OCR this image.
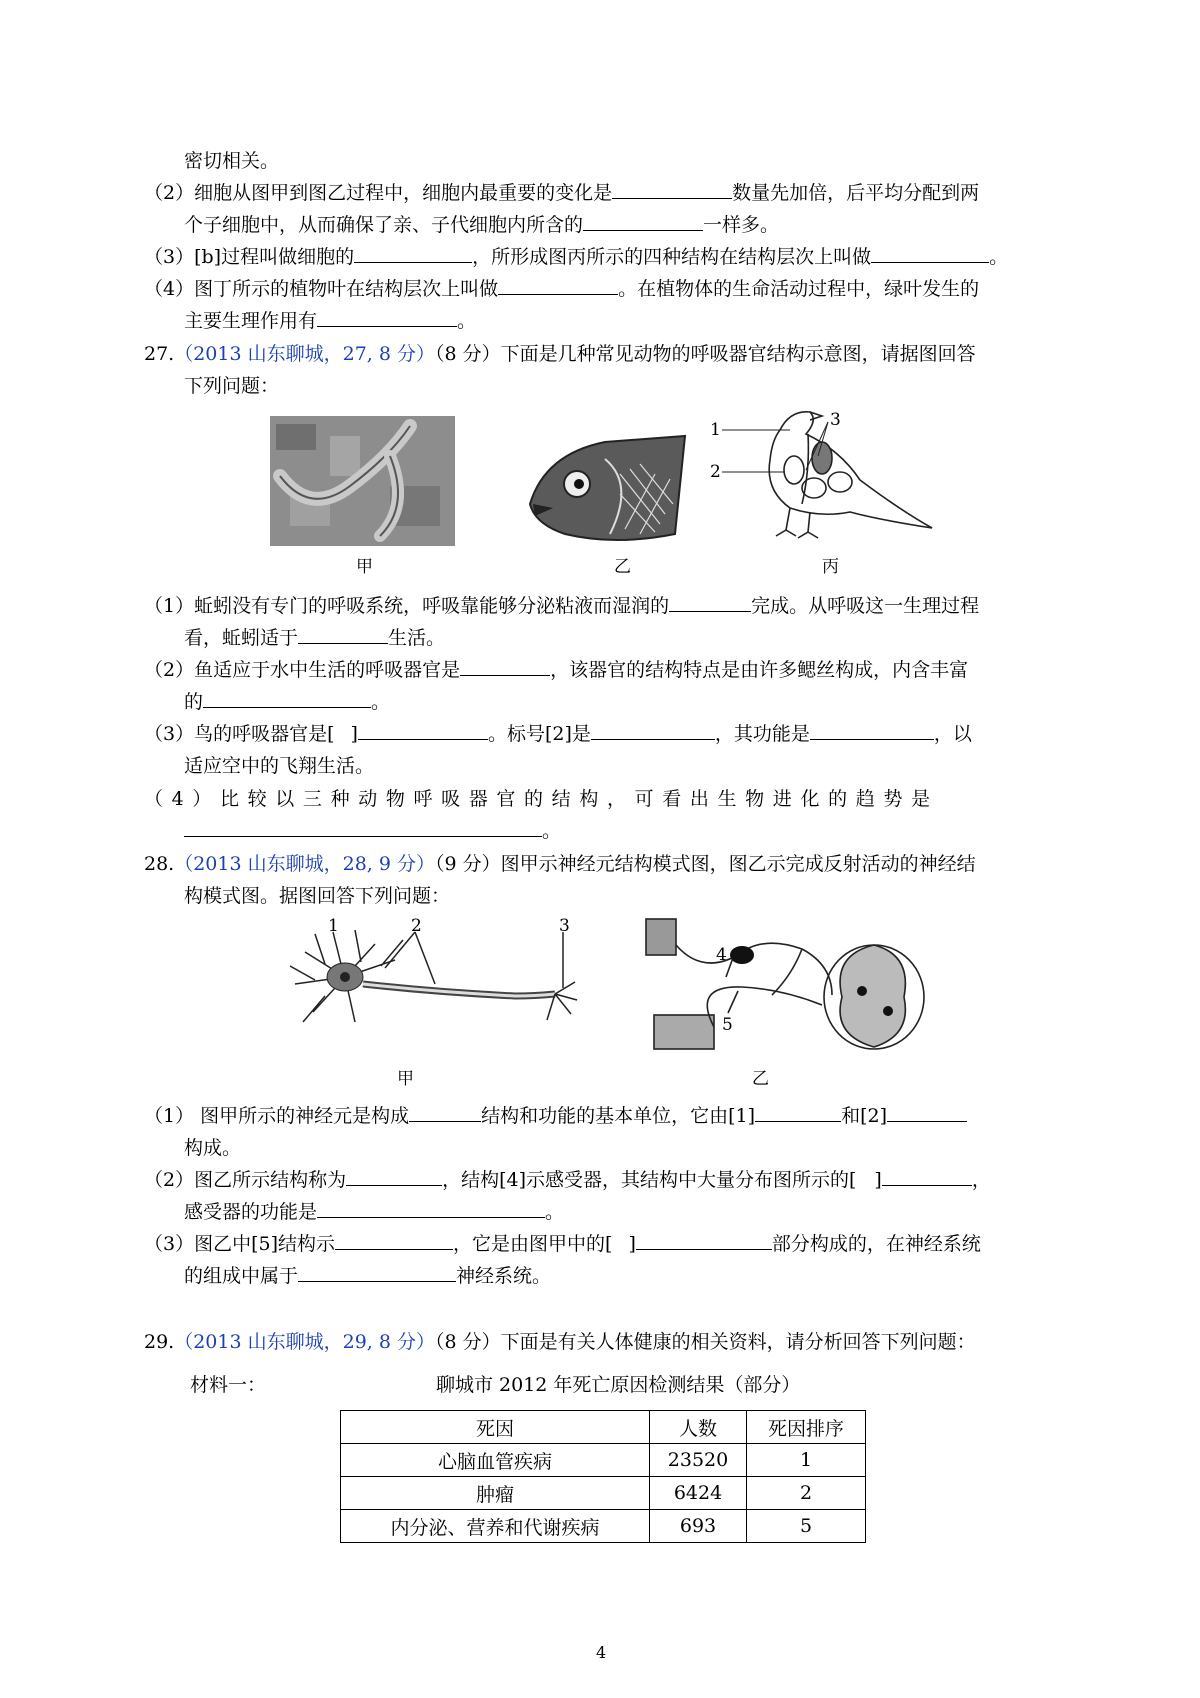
密切相关。
（2）细胞从图甲到图乙过程中，细胞内最重要的变化是	数量先加倍，后平均分配到两
个子细胞中，从而确保了亲、子代细胞内所含的	一样多。
（3）[b]过程叫做细胞的	，所形成图丙所示的四种结构在结构层次上叫做	。
（4）图丁所示的植物叶在结构层次上叫做	。在植物体的生命活动过程中，绿叶发生的
主要生理作用有	。
27.（2013 山东聊城，27, 8 分）（8 分）下面是几种常见动物的呼吸器官结构示意图，请据图回答
下列问题：
甲	乙
1
2
3
丙
（1）蚯蚓没有专门的呼吸系统，呼吸靠能够分泌粘液而湿润的	完成。从呼吸这一生理过程
看，蚯蚓适于	生活。
（2）鱼适应于水中生活的呼吸器官是	，该器官的结构特点是由许多鳃丝构成，内含丰富
的	。
（3）鸟的呼吸器官是[ ]	。标号[2]是	，其功能是	，以
适应空中的飞翔生活。
（ 4 ） 比 较 以 三 种 动 物 呼 吸 器 官 的 结 构 ， 可 看 出 生 物 进 化 的 趋 势 是
。
28.（2013 山东聊城，28, 9 分）（9 分）图甲示神经元结构模式图，图乙示完成反射活动的神经结
构模式图。据图回答下列问题：
1	2	3
甲
4
5
乙
（1） 图甲所示的神经元是构成	结构和功能的基本单位，它由[1]	和[2]
构成。
（2）图乙所示结构称为	，结构[4]示感受器，其结构中大量分布图所示的[ ]	，
感受器的功能是	。
（3）图乙中[5]结构示	，它是由图甲中的[ ]	部分构成的，在神经系统
的组成中属于	神经系统。
29.（2013 山东聊城，29, 8 分）（8 分）下面是有关人体健康的相关资料，请分析回答下列问题：
材料一：	聊城市 2012 年死亡原因检测结果（部分）
死因	人数	死因排序
心脑血管疾病	23520	1
肿瘤	6424	2
内分泌、营养和代谢疾病	693	5
4
